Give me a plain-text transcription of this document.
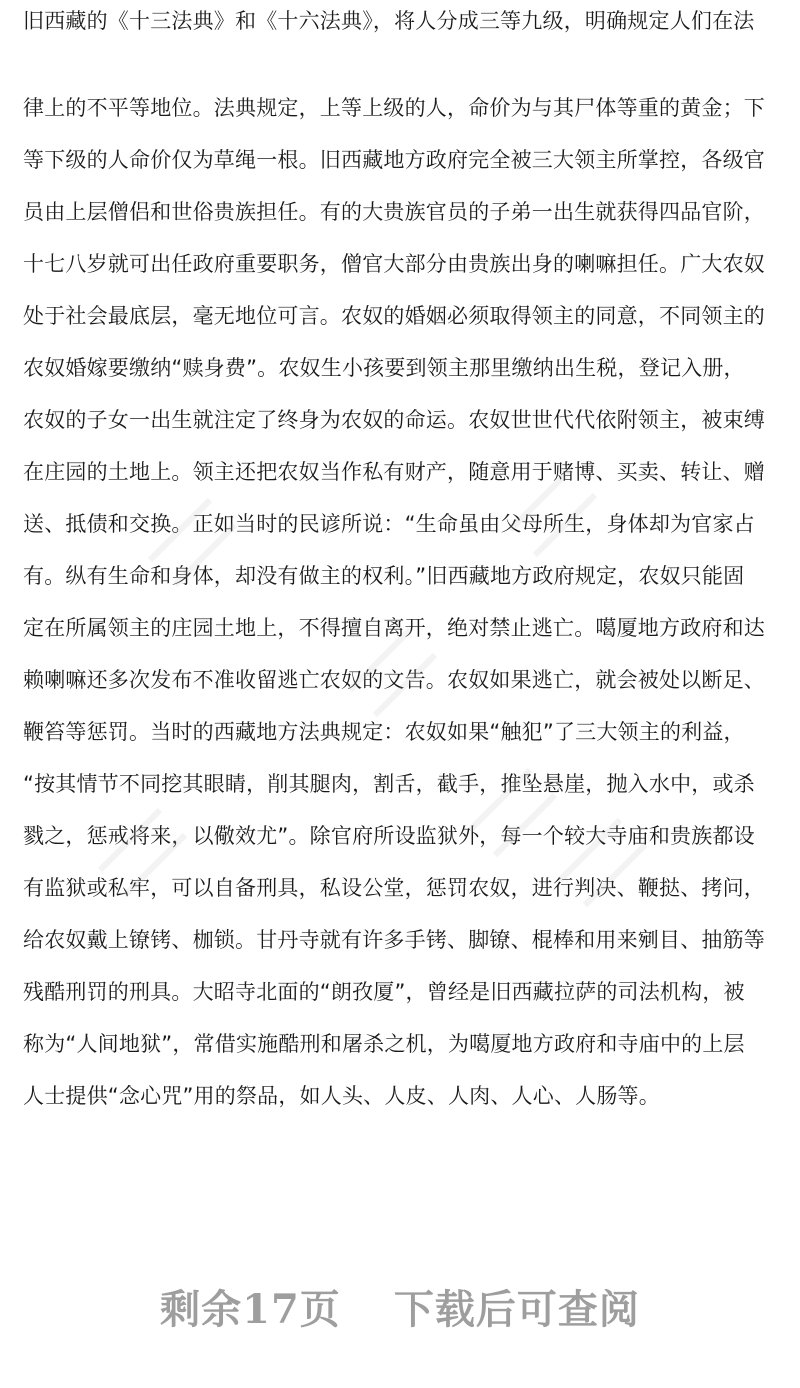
旧西藏的《十三法典》和《十六法典》，将人分成三等九级，明确规定人们在法
律上的不平等地位。法典规定，上等上级的人，命价为与其尸体等重的黄金；下
等下级的人命价仅为草绳一根。旧西藏地方政府完全被三大领主所掌控，各级官
员由上层僧侣和世俗贵族担任。有的大贵族官员的子弟一出生就获得四品官阶，
十七八岁就可出任政府重要职务，僧官大部分由贵族出身的喇嘛担任。广大农奴
处于社会最底层，毫无地位可言。农奴的婚姻必须取得领主的同意，不同领主的
农奴婚嫁要缴纳“赎身费”。农奴生小孩要到领主那里缴纳出生税，登记入册，
农奴的子女一出生就注定了终身为农奴的命运。农奴世世代代依附领主，被束缚
在庄园的土地上。领主还把农奴当作私有财产，随意用于赌博、买卖、转让、赠
送、抵债和交换。正如当时的民谚所说：“生命虽由父母所生，身体却为官家占
有。纵有生命和身体，却没有做主的权利。”旧西藏地方政府规定，农奴只能固
定在所属领主的庄园土地上，不得擅自离开，绝对禁止逃亡。噶厦地方政府和达
赖喇嘛还多次发布不准收留逃亡农奴的文告。农奴如果逃亡，就会被处以断足、
鞭笞等惩罚。当时的西藏地方法典规定：农奴如果“触犯”了三大领主的利益，
“按其情节不同挖其眼睛，削其腿肉，割舌，截手，推坠悬崖，抛入水中，或杀
戮之，惩戒将来，以儆效尤”。除官府所设监狱外，每一个较大寺庙和贵族都设
有监狱或私牢，可以自备刑具，私设公堂，惩罚农奴，进行判决、鞭挞、拷问，
给农奴戴上镣铐、枷锁。甘丹寺就有许多手铐、脚镣、棍棒和用来剜目、抽筋等
残酷刑罚的刑具。大昭寺北面的“朗孜厦”，曾经是旧西藏拉萨的司法机构，被
称为“人间地狱”，常借实施酷刑和屠杀之机，为噶厦地方政府和寺庙中的上层
人士提供“念心咒”用的祭品，如人头、人皮、人肉、人心、人肠等。
剩余17页 下载后可查阅
